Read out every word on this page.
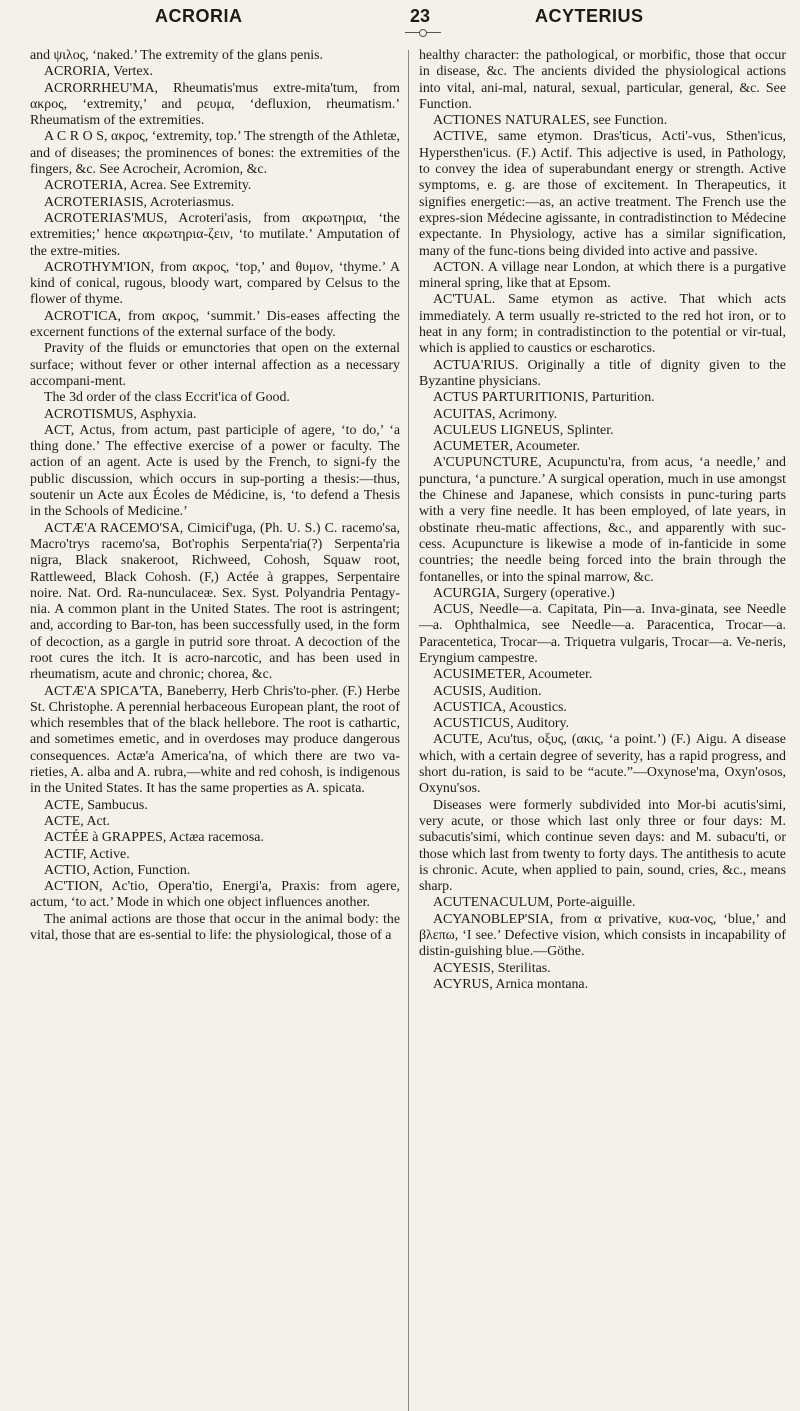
ACRORIA	23	ACYTERIUS

and ψιλος, ‘naked.’ The extremity of the glans penis.

ACRORIA, Vertex.

ACRORRHEU'MA, Rheumatis'mus extre-mita'tum, from ακρος, ‘extremity,’ and ρευμα, ‘defluxion, rheumatism.’ Rheumatism of the extremities.

A C R O S, ακρος, ‘extremity, top.’ The strength of the Athletæ, and of diseases; the prominences of bones: the extremities of the fingers, &c. See Acrocheir, Acromion, &c.

ACROTERIA, Acrea. See Extremity.

ACROTERIASIS, Acroteriasmus.

ACROTERIAS'MUS, Acroteri'asis, from ακρωτηρια, ‘the extremities;’ hence ακρωτηρια-ζειν, ‘to mutilate.’ Amputation of the extre-mities.

ACROTHYM'ION, from ακρος, ‘top,’ and θυμον, ‘thyme.’ A kind of conical, rugous, bloody wart, compared by Celsus to the flower of thyme.

ACROT'ICA, from ακρος, ‘summit.’ Dis-eases affecting the excernent functions of the external surface of the body.

Pravity of the fluids or emunctories that open on the external surface; without fever or other internal affection as a necessary accompani-ment.

The 3d order of the class Eccrit'ica of Good.

ACROTISMUS, Asphyxia.

ACT, Actus, from actum, past participle of agere, ‘to do,’ ‘a thing done.’ The effective exercise of a power or faculty. The action of an agent. Acte is used by the French, to signi-fy the public discussion, which occurs in sup-porting a thesis:—thus, soutenir un Acte aux Écoles de Médicine, is, ‘to defend a Thesis in the Schools of Medicine.’

ACTÆ'A RACEMO'SA, Cimicif'uga, (Ph. U. S.) C. racemo'sa, Macro'trys racemo'sa, Bot'rophis Serpenta'ria(?) Serpenta'ria nigra, Black snakeroot, Richweed, Cohosh, Squaw root, Rattleweed, Black Cohosh. (F,) Actée à grappes, Serpentaire noire. Nat. Ord. Ra-nunculaceæ. Sex. Syst. Polyandria Pentagy-nia. A common plant in the United States. The root is astringent; and, according to Bar-ton, has been successfully used, in the form of decoction, as a gargle in putrid sore throat. A decoction of the root cures the itch. It is acro-narcotic, and has been used in rheumatism, acute and chronic; chorea, &c.

ACTÆ'A SPICA'TA, Baneberry, Herb Chris'to-pher. (F.) Herbe St. Christophe. A perennial herbaceous European plant, the root of which resembles that of the black hellebore. The root is cathartic, and sometimes emetic, and in overdoses may produce dangerous consequences. Actæ'a America'na, of which there are two va-rieties, A. alba and A. rubra,—white and red cohosh, is indigenous in the United States. It has the same properties as A. spicata.

ACTE, Sambucus.

ACTE, Act.

ACTÉE à GRAPPES, Actæa racemosa.

ACTIF, Active.

ACTIO, Action, Function.

AC'TION, Ac'tio, Opera'tio, Energi'a, Praxis: from agere, actum, ‘to act.’ Mode in which one object influences another.

The animal actions are those that occur in the animal body: the vital, those that are es-sential to life: the physiological, those of a

healthy character: the pathological, or morbific, those that occur in disease, &c. The ancients divided the physiological actions into vital, ani-mal, natural, sexual, particular, general, &c. See Function.

ACTIONES NATURALES, see Function.

ACTIVE, same etymon. Dras'ticus, Acti'-vus, Sthen'icus, Hypersthen'icus. (F.) Actif. This adjective is used, in Pathology, to convey the idea of superabundant energy or strength. Active symptoms, e. g. are those of excitement. In Therapeutics, it signifies energetic:—as, an active treatment. The French use the expres-sion Médecine agissante, in contradistinction to Médecine expectante. In Physiology, active has a similar signification, many of the func-tions being divided into active and passive.

ACTON. A village near London, at which there is a purgative mineral spring, like that at Epsom.

AC'TUAL. Same etymon as active. That which acts immediately. A term usually re-stricted to the red hot iron, or to heat in any form; in contradistinction to the potential or vir-tual, which is applied to caustics or escharotics.

ACTUA'RIUS. Originally a title of dignity given to the Byzantine physicians.

ACTUS PARTURITIONIS, Parturition.

ACUITAS, Acrimony.

ACULEUS LIGNEUS, Splinter.

ACUMETER, Acoumeter.

A'CUPUNCTURE, Acupunctu'ra, from acus, ‘a needle,’ and punctura, ‘a puncture.’ A surgical operation, much in use amongst the Chinese and Japanese, which consists in punc-turing parts with a very fine needle. It has been employed, of late years, in obstinate rheu-matic affections, &c., and apparently with suc-cess. Acupuncture is likewise a mode of in-fanticide in some countries; the needle being forced into the brain through the fontanelles, or into the spinal marrow, &c.

ACURGIA, Surgery (operative.)

ACUS, Needle—a. Capitata, Pin—a. Inva-ginata, see Needle—a. Ophthalmica, see Needle—a. Paracentica, Trocar—a. Paracentetica, Trocar—a. Triquetra vulgaris, Trocar—a. Ve-neris, Eryngium campestre.

ACUSIMETER, Acoumeter.

ACUSIS, Audition.

ACUSTICA, Acoustics.

ACUSTICUS, Auditory.

ACUTE, Acu'tus, οξυς, (ακις, ‘a point.’) (F.) Aigu. A disease which, with a certain degree of severity, has a rapid progress, and short du-ration, is said to be “acute.”—Oxynose'ma, Oxyn'osos, Oxynu'sos.

Diseases were formerly subdivided into Mor-bi acutis'simi, very acute, or those which last only three or four days: M. subacutis'simi, which continue seven days: and M. subacu'ti, or those which last from twenty to forty days. The antithesis to acute is chronic. Acute, when applied to pain, sound, cries, &c., means sharp.

ACUTENACULUM, Porte-aiguille.

ACYANOBLEP'SIA, from α privative, κυα-νος, ‘blue,’ and βλεπω, ‘I see.’ Defective vision, which consists in incapability of distin-guishing blue.—Göthe.

ACYESIS, Sterilitas.

ACYRUS, Arnica montana.
